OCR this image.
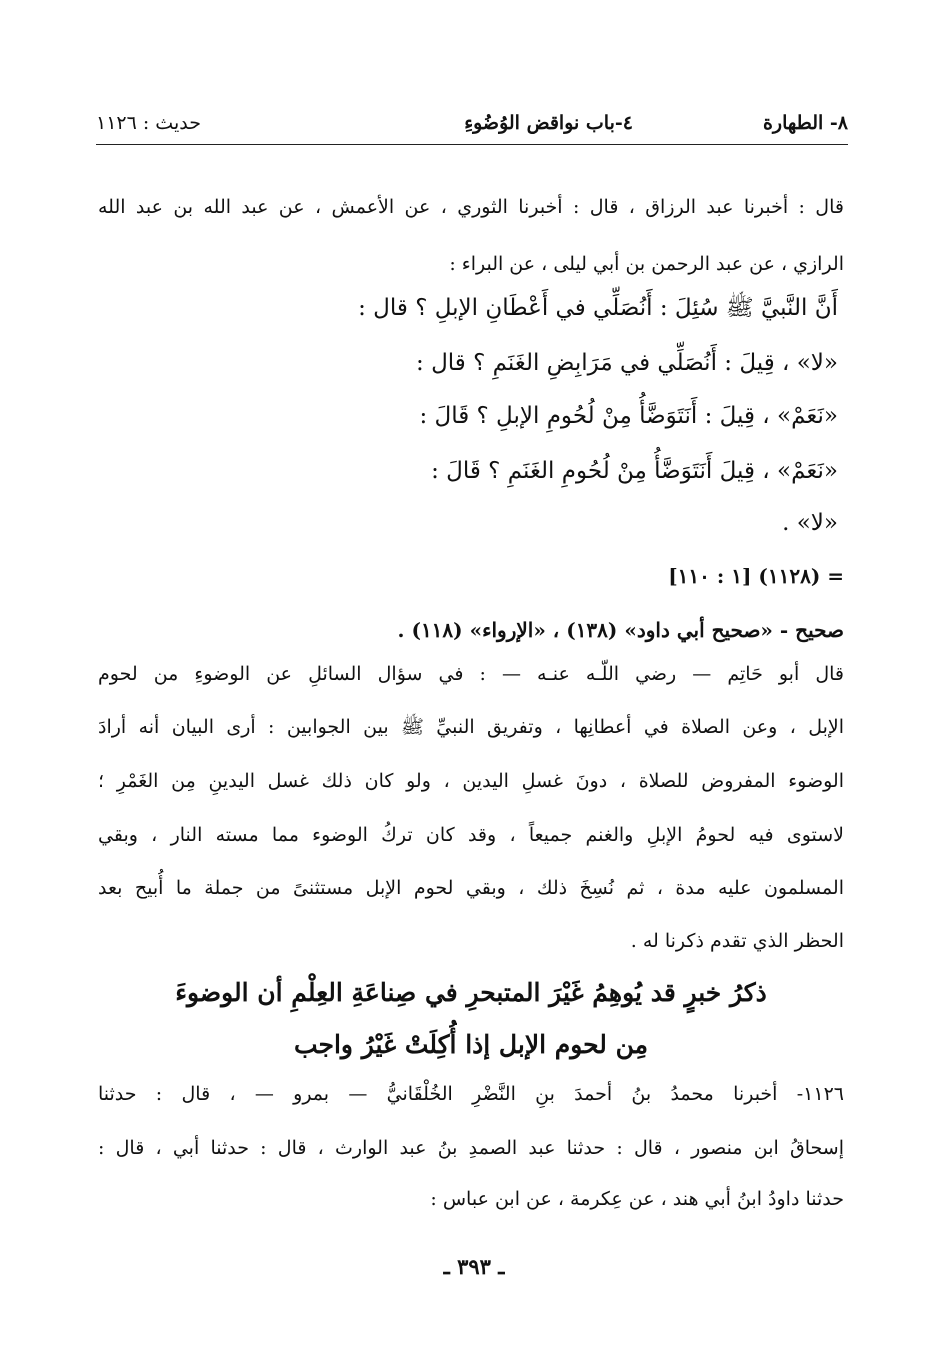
٨- الطهارة
٤-باب نواقض الوُضُوءِ
حديث : ١١٢٦
قال : أخبرنا عبد الرزاق ، قال : أخبرنا الثوري ، عن الأعمش ، عن عبد الله بن عبد الله
الرازي ، عن عبد الرحمن بن أبي ليلى ، عن البراء :
أَنَّ النَّبيَّ ﷺ سُئِلَ : أَنُصَلِّي في أَعْطَانِ الإبلِ ؟ قال :
«لا» ، قِيلَ : أَنُصَلِّي في مَرَابِضِ الغَنَمِ ؟ قال :
«نَعَمْ» ، قِيلَ : أَنَتَوَضَّأُ مِنْ لُحُومِ الإبلِ ؟ قَالَ :
«نَعَمْ» ، قِيلَ أَنَتَوَضَّأُ مِنْ لُحُومِ الغَنَمِ ؟ قَالَ :
«لا» .
= (١١٢٨) [١ : ١١٠]
صحيح - «صحيح أبي داود» (١٣٨) ، «الإرواء» (١١٨) .
قال أبو حَاتِم — رضي اللّـه عنـه — : في سؤال السائلِ عن الوضوءِ من لحوم
الإبل ، وعن الصلاة في أعطانِها ، وتفريق النبيِّ ﷺ بين الجوابين : أرى البيان أنه أرادَ
الوضوء المفروض للصلاة ، دونَ غسلِ اليدين ، ولو كان ذلك غسل اليدينِ مِن الغَمْرِ ؛
لاستوى فيه لحومُ الإبلِ والغنم جميعاً ، وقد كان تركُ الوضوء مما مسته النار ، وبقي
المسلمون عليه مدة ، ثم نُسِخَ ذلك ، وبقي لحوم الإبل مستثنىً من جملة ما أُبيح بعد
الحظر الذي تقدم ذكرنا له .
ذكرُ خبرٍ قد يُوهِمُ غَيْرَ المتبحرِ في صِناعَةِ العِلْمِ أن الوضوءَ
مِن لحوم الإبل إذا أُكِلَتْ غَيْرُ واجب
١١٢٦- أخبرنا محمدُ بنُ أحمدَ بنِ النَّضْرِ الخُلْقَانيُّ — بمرو — ، قال : حدثنا
إسحاقُ ابن منصور ، قال : حدثنا عبد الصمدِ بنُ عبد الوارث ، قال : حدثنا أبي ، قال :
حدثنا داودُ ابنُ أبي هند ، عن عِكرمة ، عن ابن عباس :
ـ ٣٩٣ ـ
